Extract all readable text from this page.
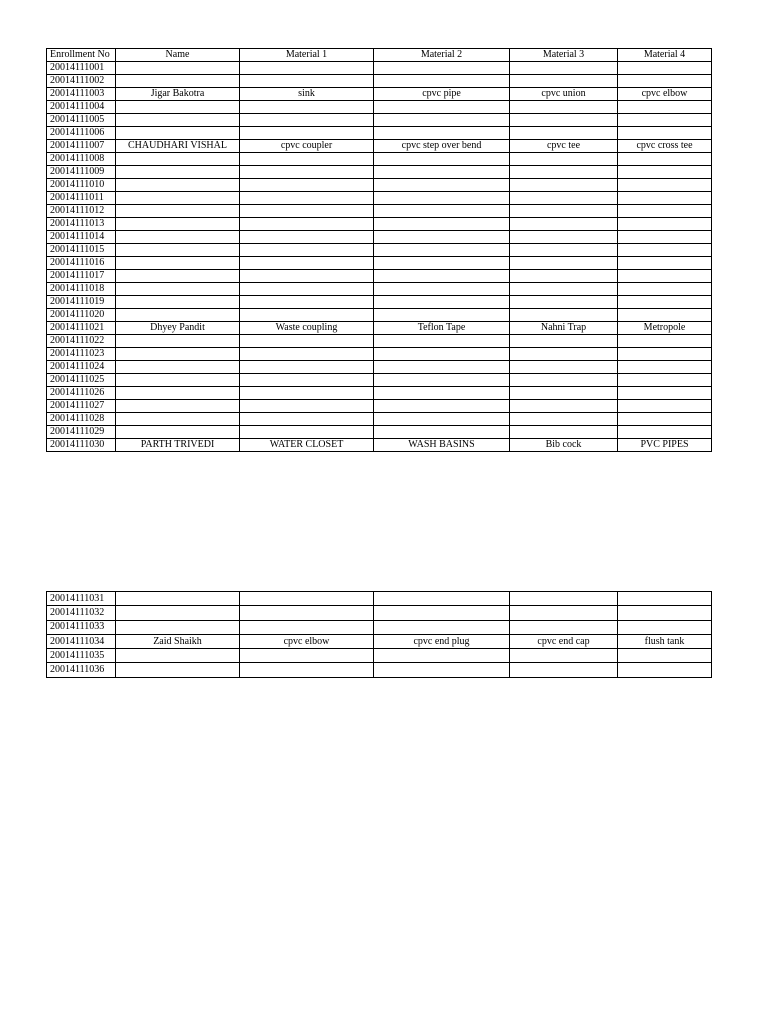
Enrollment No	Name	Material 1	Material 2	Material 3	Material 4
20014111001					
20014111002					
20014111003	Jigar Bakotra	sink	cpvc pipe	cpvc union	cpvc elbow
20014111004					
20014111005					
20014111006					
20014111007	CHAUDHARI VISHAL	cpvc coupler	cpvc step over bend	cpvc tee	cpvc cross tee
20014111008					
20014111009					
20014111010					
20014111011					
20014111012					
20014111013					
20014111014					
20014111015					
20014111016					
20014111017					
20014111018					
20014111019					
20014111020					
20014111021	Dhyey Pandit	Waste coupling	Teflon Tape	Nahni Trap	Metropole
20014111022					
20014111023					
20014111024					
20014111025					
20014111026					
20014111027					
20014111028					
20014111029					
20014111030	PARTH TRIVEDI	WATER CLOSET	WASH BASINS	Bib cock	PVC PIPES
20014111031					
20014111032					
20014111033					
20014111034	Zaid Shaikh	cpvc elbow	cpvc end plug	cpvc end cap	flush tank
20014111035					
20014111036					
